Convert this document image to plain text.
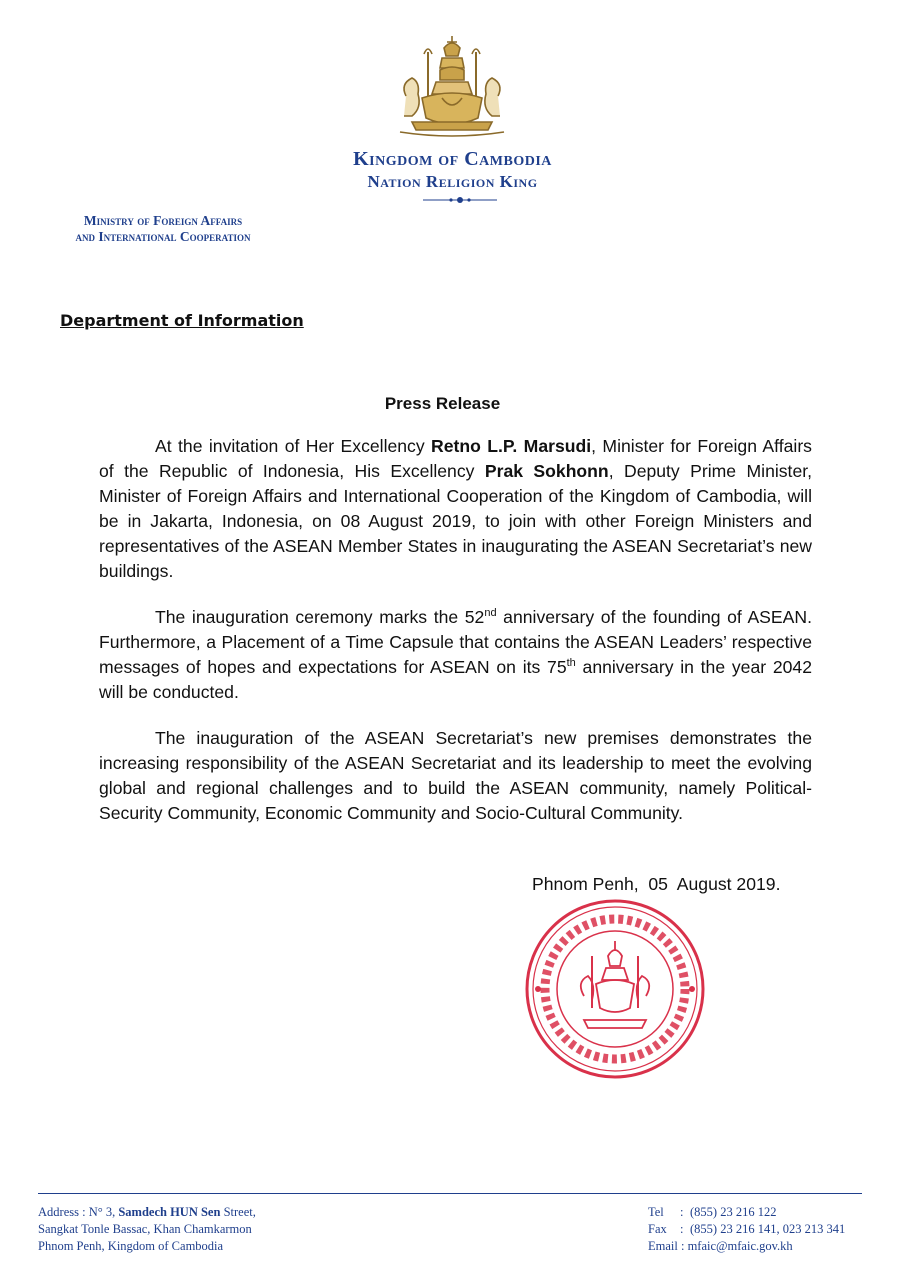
Kingdom of Cambodia
Nation Religion King
Ministry of Foreign Affairs
and International Cooperation
Department of Information
Press Release
At the invitation of Her Excellency Retno L.P. Marsudi, Minister for Foreign Affairs of the Republic of Indonesia, His Excellency Prak Sokhonn, Deputy Prime Minister, Minister of Foreign Affairs and International Cooperation of the Kingdom of Cambodia, will be in Jakarta, Indonesia, on 08 August 2019, to join with other Foreign Ministers and representatives of the ASEAN Member States in inaugurating the ASEAN Secretariat’s new buildings.
The inauguration ceremony marks the 52nd anniversary of the founding of ASEAN. Furthermore, a Placement of a Time Capsule that contains the ASEAN Leaders’ respective messages of hopes and expectations for ASEAN on its 75th anniversary in the year 2042 will be conducted.
The inauguration of the ASEAN Secretariat’s new premises demonstrates the increasing responsibility of the ASEAN Secretariat and its leadership to meet the evolving global and regional challenges and to build the ASEAN community, namely Political-Security Community, Economic Community and Socio-Cultural Community.
Phnom Penh,  05  August 2019.
Address : N° 3, Samdech HUN Sen Street,
Sangkat Tonle Bassac, Khan Chamkarmon
Phnom Penh, Kingdom of Cambodia
Tel : (855) 23 216 122
Fax : (855) 23 216 141, 023 213 341
Email : mfaic@mfaic.gov.kh
